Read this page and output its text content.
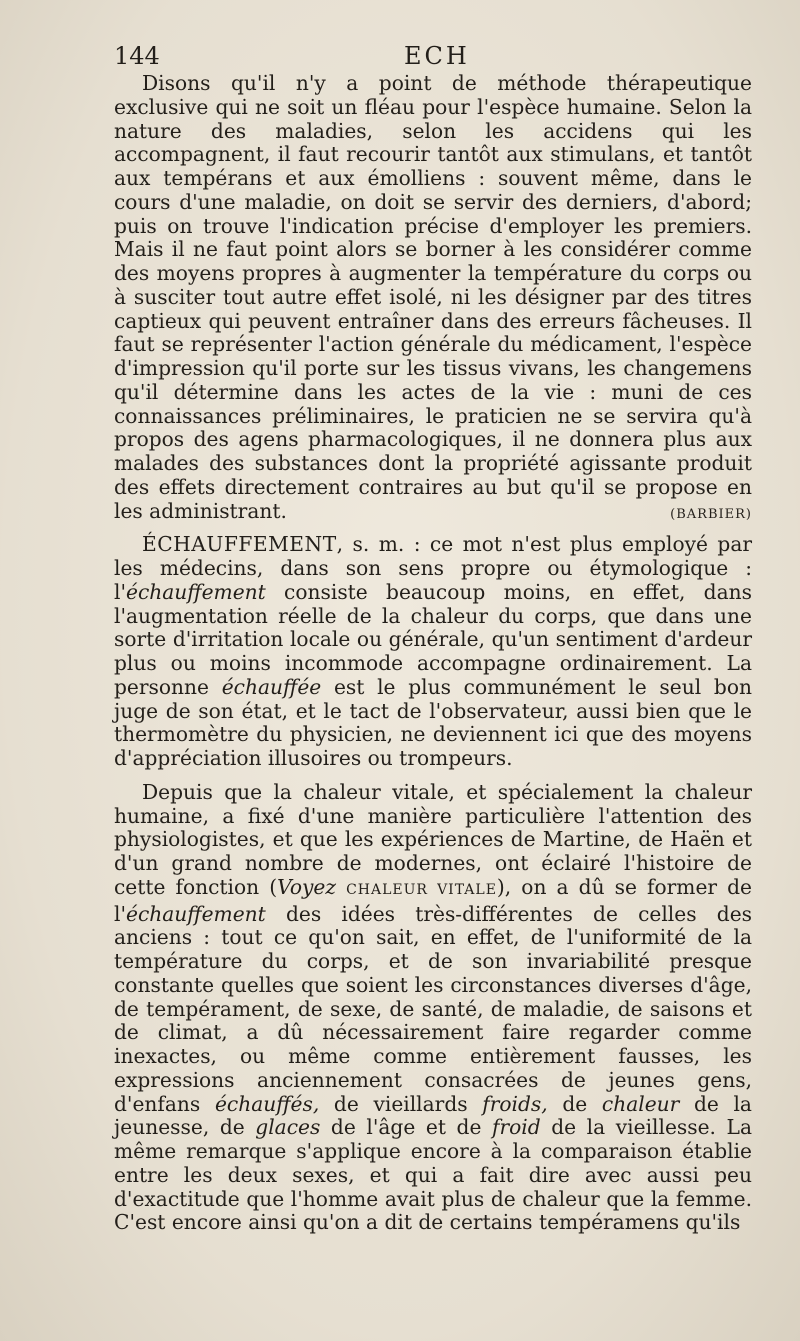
144	ECH

Disons qu'il n'y a point de méthode thérapeutique exclusive qui ne soit un fléau pour l'espèce humaine. Selon la nature des maladies, selon les accidens qui les accompagnent, il faut recourir tantôt aux stimulans, et tantôt aux tempérans et aux émolliens : souvent même, dans le cours d'une maladie, on doit se servir des derniers, d'abord; puis on trouve l'indication précise d'employer les premiers. Mais il ne faut point alors se borner à les considérer comme des moyens propres à augmenter la température du corps ou à susciter tout autre effet isolé, ni les désigner par des titres captieux qui peuvent entraîner dans des erreurs fâcheuses. Il faut se représenter l'action générale du médicament, l'espèce d'impression qu'il porte sur les tissus vivans, les changemens qu'il détermine dans les actes de la vie : muni de ces connaissances préliminaires, le praticien ne se servira qu'à propos des agens pharmacologiques, il ne donnera plus aux malades des substances dont la propriété agissante produit des effets directement contraires au but qu'il se propose en les administrant.	(BARBIER)

ÉCHAUFFEMENT, s. m. : ce mot n'est plus employé par les médecins, dans son sens propre ou étymologique : l'échauffement consiste beaucoup moins, en effet, dans l'augmentation réelle de la chaleur du corps, que dans une sorte d'irritation locale ou générale, qu'un sentiment d'ardeur plus ou moins incommode accompagne ordinairement. La personne échauffée est le plus communément le seul bon juge de son état, et le tact de l'observateur, aussi bien que le thermomètre du physicien, ne deviennent ici que des moyens d'appréciation illusoires ou trompeurs.

Depuis que la chaleur vitale, et spécialement la chaleur humaine, a fixé d'une manière particulière l'attention des physiologistes, et que les expériences de Martine, de Haën et d'un grand nombre de modernes, ont éclairé l'histoire de cette fonction (Voyez CHALEUR VITALE), on a dû se former de l'échauffement des idées très-différentes de celles des anciens : tout ce qu'on sait, en effet, de l'uniformité de la température du corps, et de son invariabilité presque constante quelles que soient les circonstances diverses d'âge, de tempérament, de sexe, de santé, de maladie, de saisons et de climat, a dû nécessairement faire regarder comme inexactes, ou même comme entièrement fausses, les expressions anciennement consacrées de jeunes gens, d'enfans échauffés, de vieillards froids, de chaleur de la jeunesse, de glaces de l'âge et de froid de la vieillesse. La même remarque s'applique encore à la comparaison établie entre les deux sexes, et qui a fait dire avec aussi peu d'exactitude que l'homme avait plus de chaleur que la femme. C'est encore ainsi qu'on a dit de certains tempéramens qu'ils
